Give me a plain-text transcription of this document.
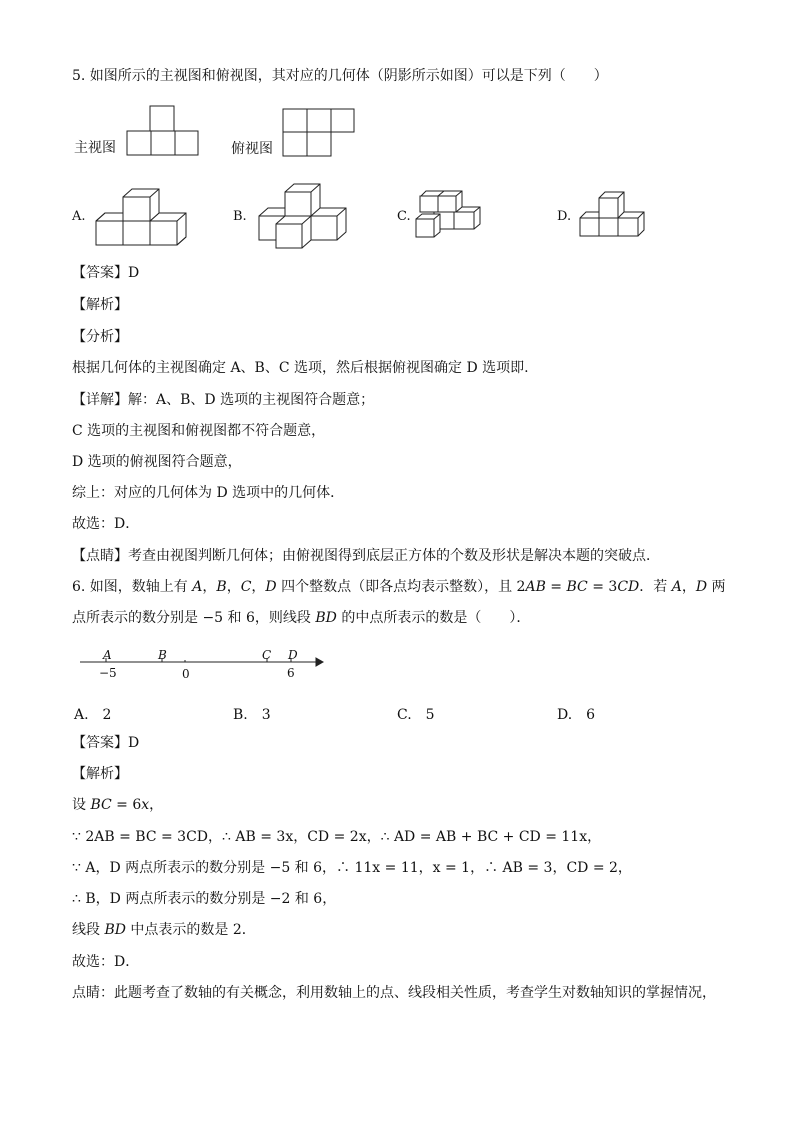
5. 如图所示的主视图和俯视图，其对应的几何体（阴影所示如图）可以是下列（　　）
主视图	俯视图
A.	B.	C.	D.
【答案】D
【解析】
【分析】
根据几何体的主视图确定 A、B、C 选项，然后根据俯视图确定 D 选项即.
【详解】解：A、B、D 选项的主视图符合题意；
C 选项的主视图和俯视图都不符合题意，
D 选项的俯视图符合题意，
综上：对应的几何体为 D 选项中的几何体．
故选：D．
【点睛】考查由视图判断几何体；由俯视图得到底层正方体的个数及形状是解决本题的突破点．
6. 如图，数轴上有 A，B，C，D 四个整数点（即各点均表示整数），且 2AB = BC = 3CD．若 A，D 两
点所表示的数分别是 −5 和 6，则线段 BD 的中点所表示的数是（　　）．
A	B	C D
−5	0	6
A.　2	B.　3	C.　5	D.　6
【答案】D
【解析】
设 BC = 6x，
∵ 2AB = BC = 3CD，∴ AB = 3x，CD = 2x，∴ AD = AB + BC + CD = 11x，
∵ A，D 两点所表示的数分别是 −5 和 6，∴ 11x = 11，x = 1，∴ AB = 3，CD = 2，
∴ B，D 两点所表示的数分别是 −2 和 6，
线段 BD 中点表示的数是 2．
故选：D．
点睛：此题考查了数轴的有关概念，利用数轴上的点、线段相关性质，考查学生对数轴知识的掌握情况，
